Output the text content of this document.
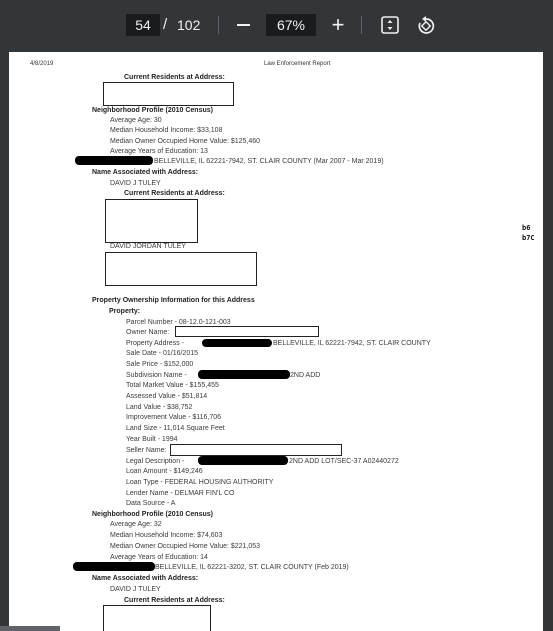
54 / 102	67%	+
4/8/2019	Law Enforcement Report
Current Residents at Address:
Neighborhood Profile (2010 Census)
Average Age: 30
Median Household Income: $33,108
Median Owner Occupied Home Value: $125,460
Average Years of Education: 13
BELLEVILLE, IL 62221-7942, ST. CLAIR COUNTY (Mar 2007 - Mar 2019)
Name Associated with Address:
DAVID J TULEY
Current Residents at Address:
DAVID JORDAN TULEY
b6
b7C
Property Ownership Information for this Address
Property:
Parcel Number - 08-12.0-121-003
Owner Name:
Property Address -	BELLEVILLE, IL 62221-7942, ST. CLAIR COUNTY
Sale Date - 01/16/2015
Sale Price - $152,000
Subdivision Name -	2ND ADD
Total Market Value - $155,455
Assessed Value - $51,814
Land Value - $38,752
Improvement Value - $116,706
Land Size - 11,014 Square Feet
Year Built - 1994
Seller Name:
Legal Description -	2ND ADD LOT/SEC-37 A02440272
Loan Amount - $149,246
Loan Type - FEDERAL HOUSING AUTHORITY
Lender Name - DELMAR FIN'L CO
Data Source - A
Neighborhood Profile (2010 Census)
Average Age: 32
Median Household Income: $74,603
Median Owner Occupied Home Value: $221,053
Average Years of Education: 14
BELLEVILLE, IL 62221-3202, ST. CLAIR COUNTY (Feb 2019)
Name Associated with Address:
DAVID J TULEY
Current Residents at Address:
